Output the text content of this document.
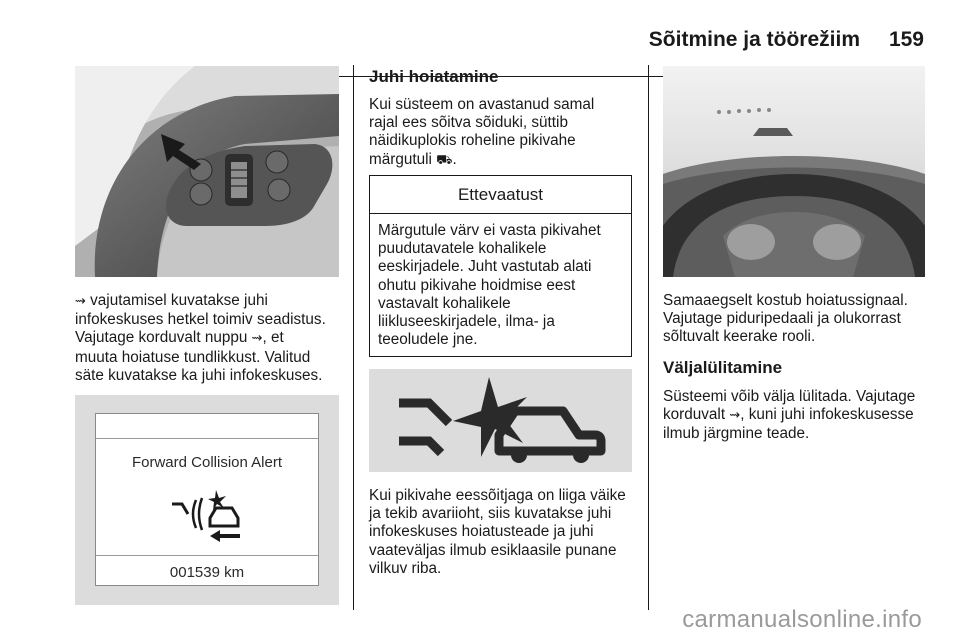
Sõitmine ja töörežiim 159
⇝ vajutamisel kuvatakse juhi
infokeskuses hetkel toimiv seadistus.
Vajutage korduvalt nuppu ⇝, et
muuta hoiatuse tundlikkust. Valitud
säte kuvatakse ka juhi infokeskuses.
Forward Collision Alert
001539 km
Juhi hoiatamine
Kui süsteem on avastanud samal
rajal ees sõitva sõiduki, süttib
näidikuplokis roheline pikivahe
märgutuli ⛟.
Ettevaatust
Märgutule värv ei vasta pikivahet
puudutavatele kohalikele
eeskirjadele. Juht vastutab alati
ohutu pikivahe hoidmise eest
vastavalt kohalikele
liikluseeskirjadele, ilma- ja
teeoludele jne.
Kui pikivahe eessõitjaga on liiga väike
ja tekib avariioht, siis kuvatakse juhi
infokeskuses hoiatusteade ja juhi
vaateväljas ilmub esiklaasile punane
vilkuv riba.
Samaaegselt kostub hoiatussignaal.
Vajutage piduripedaali ja olukorrast
sõltuvalt keerake rooli.
Väljalülitamine
Süsteemi võib välja lülitada. Vajutage
korduvalt ⇝, kuni juhi infokeskusesse
ilmub järgmine teade.
carmanualsonline.info
